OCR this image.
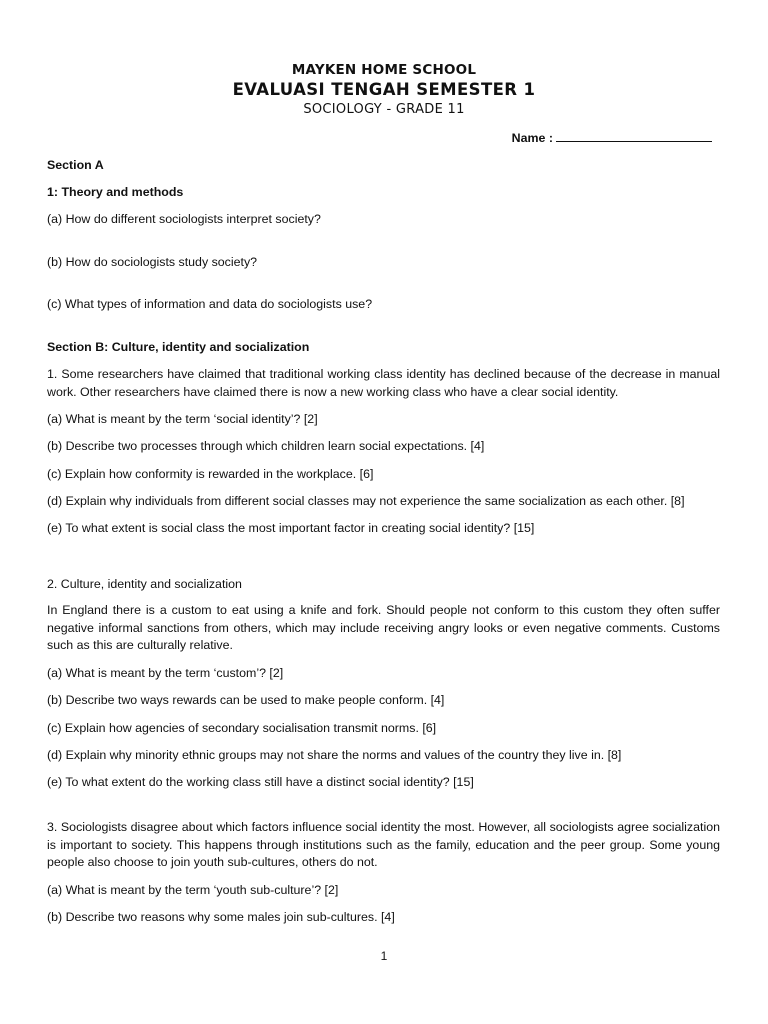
MAYKEN HOME SCHOOL
EVALUASI TENGAH SEMESTER 1
SOCIOLOGY - GRADE 11
Name :
Section A
1: Theory and methods
(a) How do different sociologists interpret society?
(b) How do sociologists study society?
(c) What types of information and data do sociologists use?
Section B: Culture, identity and socialization
1. Some researchers have claimed that traditional working class identity has declined because of the decrease in manual work. Other researchers have claimed there is now a new working class who have a clear social identity.
(a) What is meant by the term ‘social identity’? [2]
(b) Describe two processes through which children learn social expectations. [4]
(c) Explain how conformity is rewarded in the workplace. [6]
(d) Explain why individuals from different social classes may not experience the same socialization as each other. [8]
(e) To what extent is social class the most important factor in creating social identity? [15]
2. Culture, identity and socialization
In England there is a custom to eat using a knife and fork. Should people not conform to this custom they often suffer negative informal sanctions from others, which may include receiving angry looks or even negative comments. Customs such as this are culturally relative.
(a) What is meant by the term ‘custom’? [2]
(b) Describe two ways rewards can be used to make people conform. [4]
(c) Explain how agencies of secondary socialisation transmit norms. [6]
(d) Explain why minority ethnic groups may not share the norms and values of the country they live in. [8]
(e) To what extent do the working class still have a distinct social identity? [15]
3. Sociologists disagree about which factors influence social identity the most. However, all sociologists agree socialization is important to society. This happens through institutions such as the family, education and the peer group. Some young people also choose to join youth sub-cultures, others do not.
(a) What is meant by the term ‘youth sub-culture’? [2]
(b) Describe two reasons why some males join sub-cultures. [4]
1
